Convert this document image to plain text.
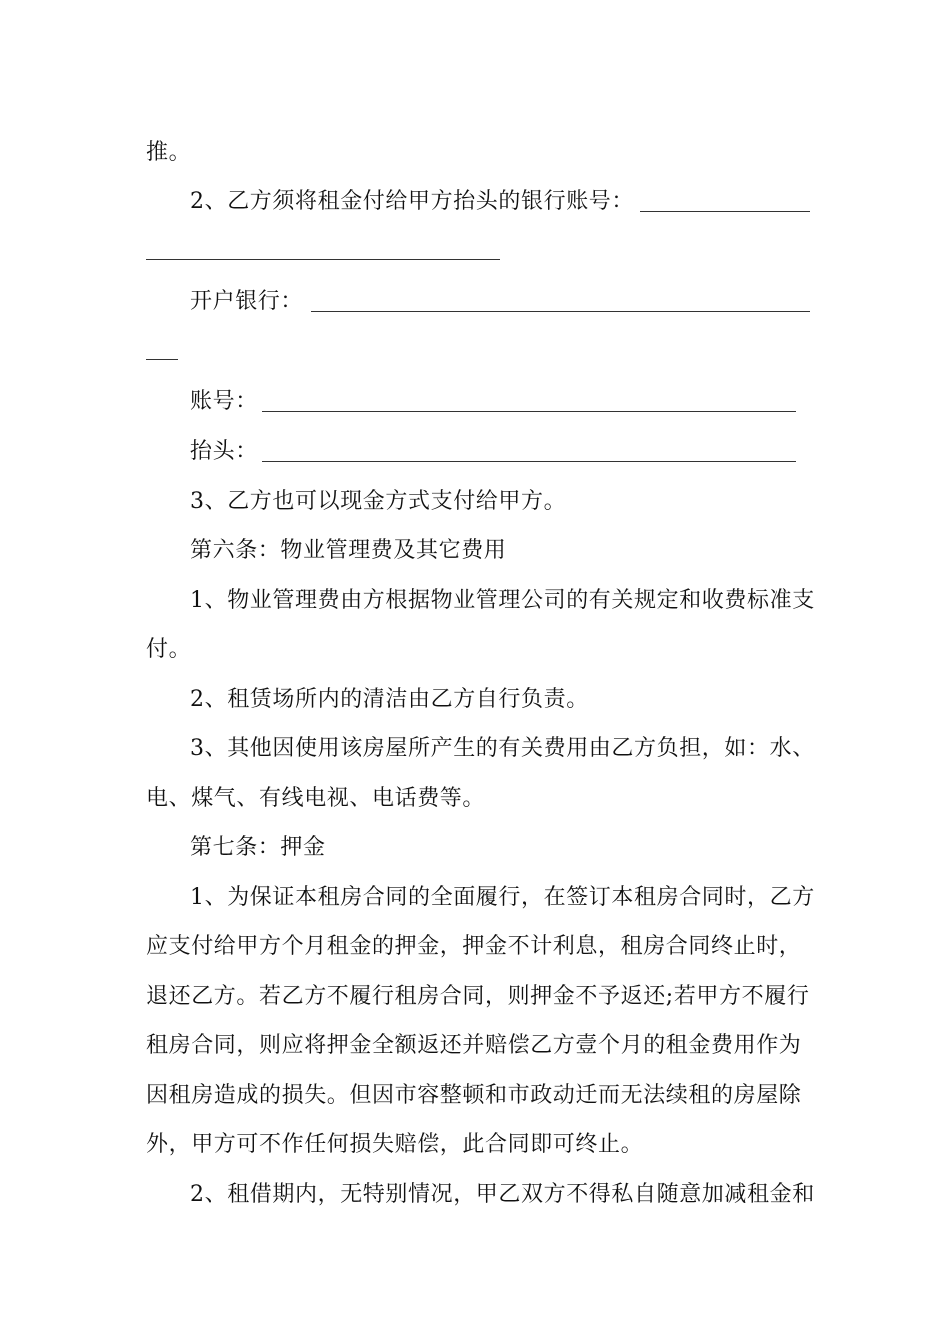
推。
2、乙方须将租金付给甲方抬头的银行账号：
开户银行：
账号：
抬头：
3、乙方也可以现金方式支付给甲方。
第六条：物业管理费及其它费用
1、物业管理费由方根据物业管理公司的有关规定和收费标准支
付。
2、租赁场所内的清洁由乙方自行负责。
3、其他因使用该房屋所产生的有关费用由乙方负担，如：水、
电、煤气、有线电视、电话费等。
第七条：押金
1、为保证本租房合同的全面履行，在签订本租房合同时，乙方
应支付给甲方个月租金的押金，押金不计利息，租房合同终止时，
退还乙方。若乙方不履行租房合同，则押金不予返还;若甲方不履行
租房合同，则应将押金全额返还并赔偿乙方壹个月的租金费用作为
因租房造成的损失。但因市容整顿和市政动迁而无法续租的房屋除
外，甲方可不作任何损失赔偿，此合同即可终止。
2、租借期内，无特别情况，甲乙双方不得私自随意加减租金和
